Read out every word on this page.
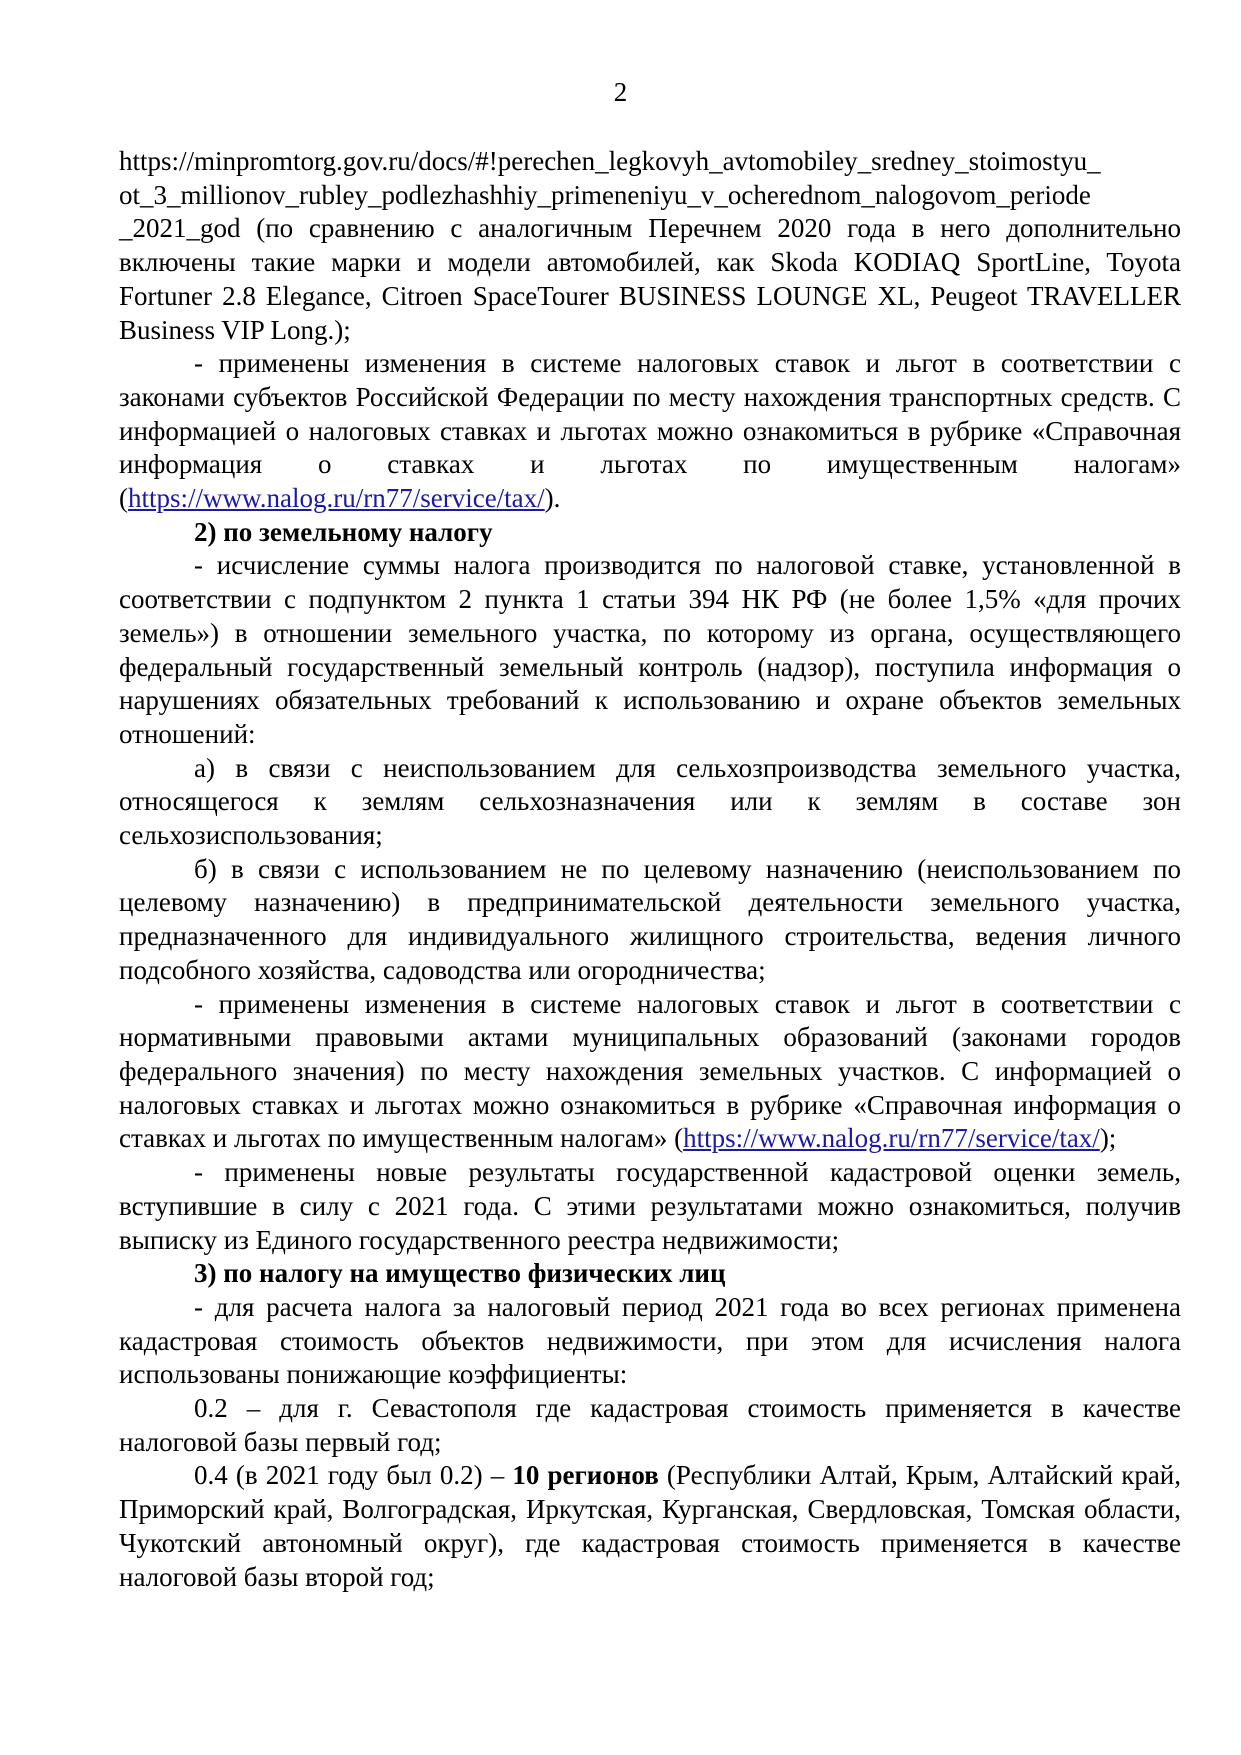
2
https://minpromtorg.gov.ru/docs/#!perechen_legkovyh_avtomobiley_sredney_stoimostyu_
ot_3_millionov_rubley_podlezhashhiy_primeneniyu_v_ocherednom_nalogovom_periode
_2021_god (по сравнению с аналогичным Перечнем 2020 года в него дополнительно включены такие марки и модели автомобилей, как Skoda KODIAQ SportLine, Toyota Fortuner 2.8 Elegance, Citroen SpaceTourer BUSINESS LOUNGE XL, Peugeot TRAVELLER Business VIP Long.);
- применены изменения в системе налоговых ставок и льгот в соответствии с законами субъектов Российской Федерации по месту нахождения транспортных средств. С информацией о налоговых ставках и льготах можно ознакомиться в рубрике «Справочная информация о ставках и льготах по имущественным налогам» (https://www.nalog.ru/rn77/service/tax/).
2) по земельному налогу
- исчисление суммы налога производится по налоговой ставке, установленной в соответствии с подпунктом 2 пункта 1 статьи 394 НК РФ (не более 1,5% «для прочих земель») в отношении земельного участка, по которому из органа, осуществляющего федеральный государственный земельный контроль (надзор), поступила информация о нарушениях обязательных требований к использованию и охране объектов земельных отношений:
а) в связи с неиспользованием для сельхозпроизводства земельного участка, относящегося к землям сельхозназначения или к землям в составе зон сельхозиспользования;
б) в связи с использованием не по целевому назначению (неиспользованием по целевому назначению) в предпринимательской деятельности земельного участка, предназначенного для индивидуального жилищного строительства, ведения личного подсобного хозяйства, садоводства или огородничества;
- применены изменения в системе налоговых ставок и льгот в соответствии с нормативными правовыми актами муниципальных образований (законами городов федерального значения) по месту нахождения земельных участков. С информацией о налоговых ставках и льготах можно ознакомиться в рубрике «Справочная информация о ставках и льготах по имущественным налогам» (https://www.nalog.ru/rn77/service/tax/);
- применены новые результаты государственной кадастровой оценки земель, вступившие в силу с 2021 года. С этими результатами можно ознакомиться, получив выписку из Единого государственного реестра недвижимости;
3) по налогу на имущество физических лиц
- для расчета налога за налоговый период 2021 года во всех регионах применена кадастровая стоимость объектов недвижимости, при этом для исчисления налога использованы понижающие коэффициенты:
0.2 – для г. Севастополя где кадастровая стоимость применяется в качестве налоговой базы первый год;
0.4 (в 2021 году был 0.2) – 10 регионов (Республики Алтай, Крым, Алтайский край, Приморский край, Волгоградская, Иркутская, Курганская, Свердловская, Томская области, Чукотский автономный округ), где кадастровая стоимость применяется в качестве налоговой базы второй год;
